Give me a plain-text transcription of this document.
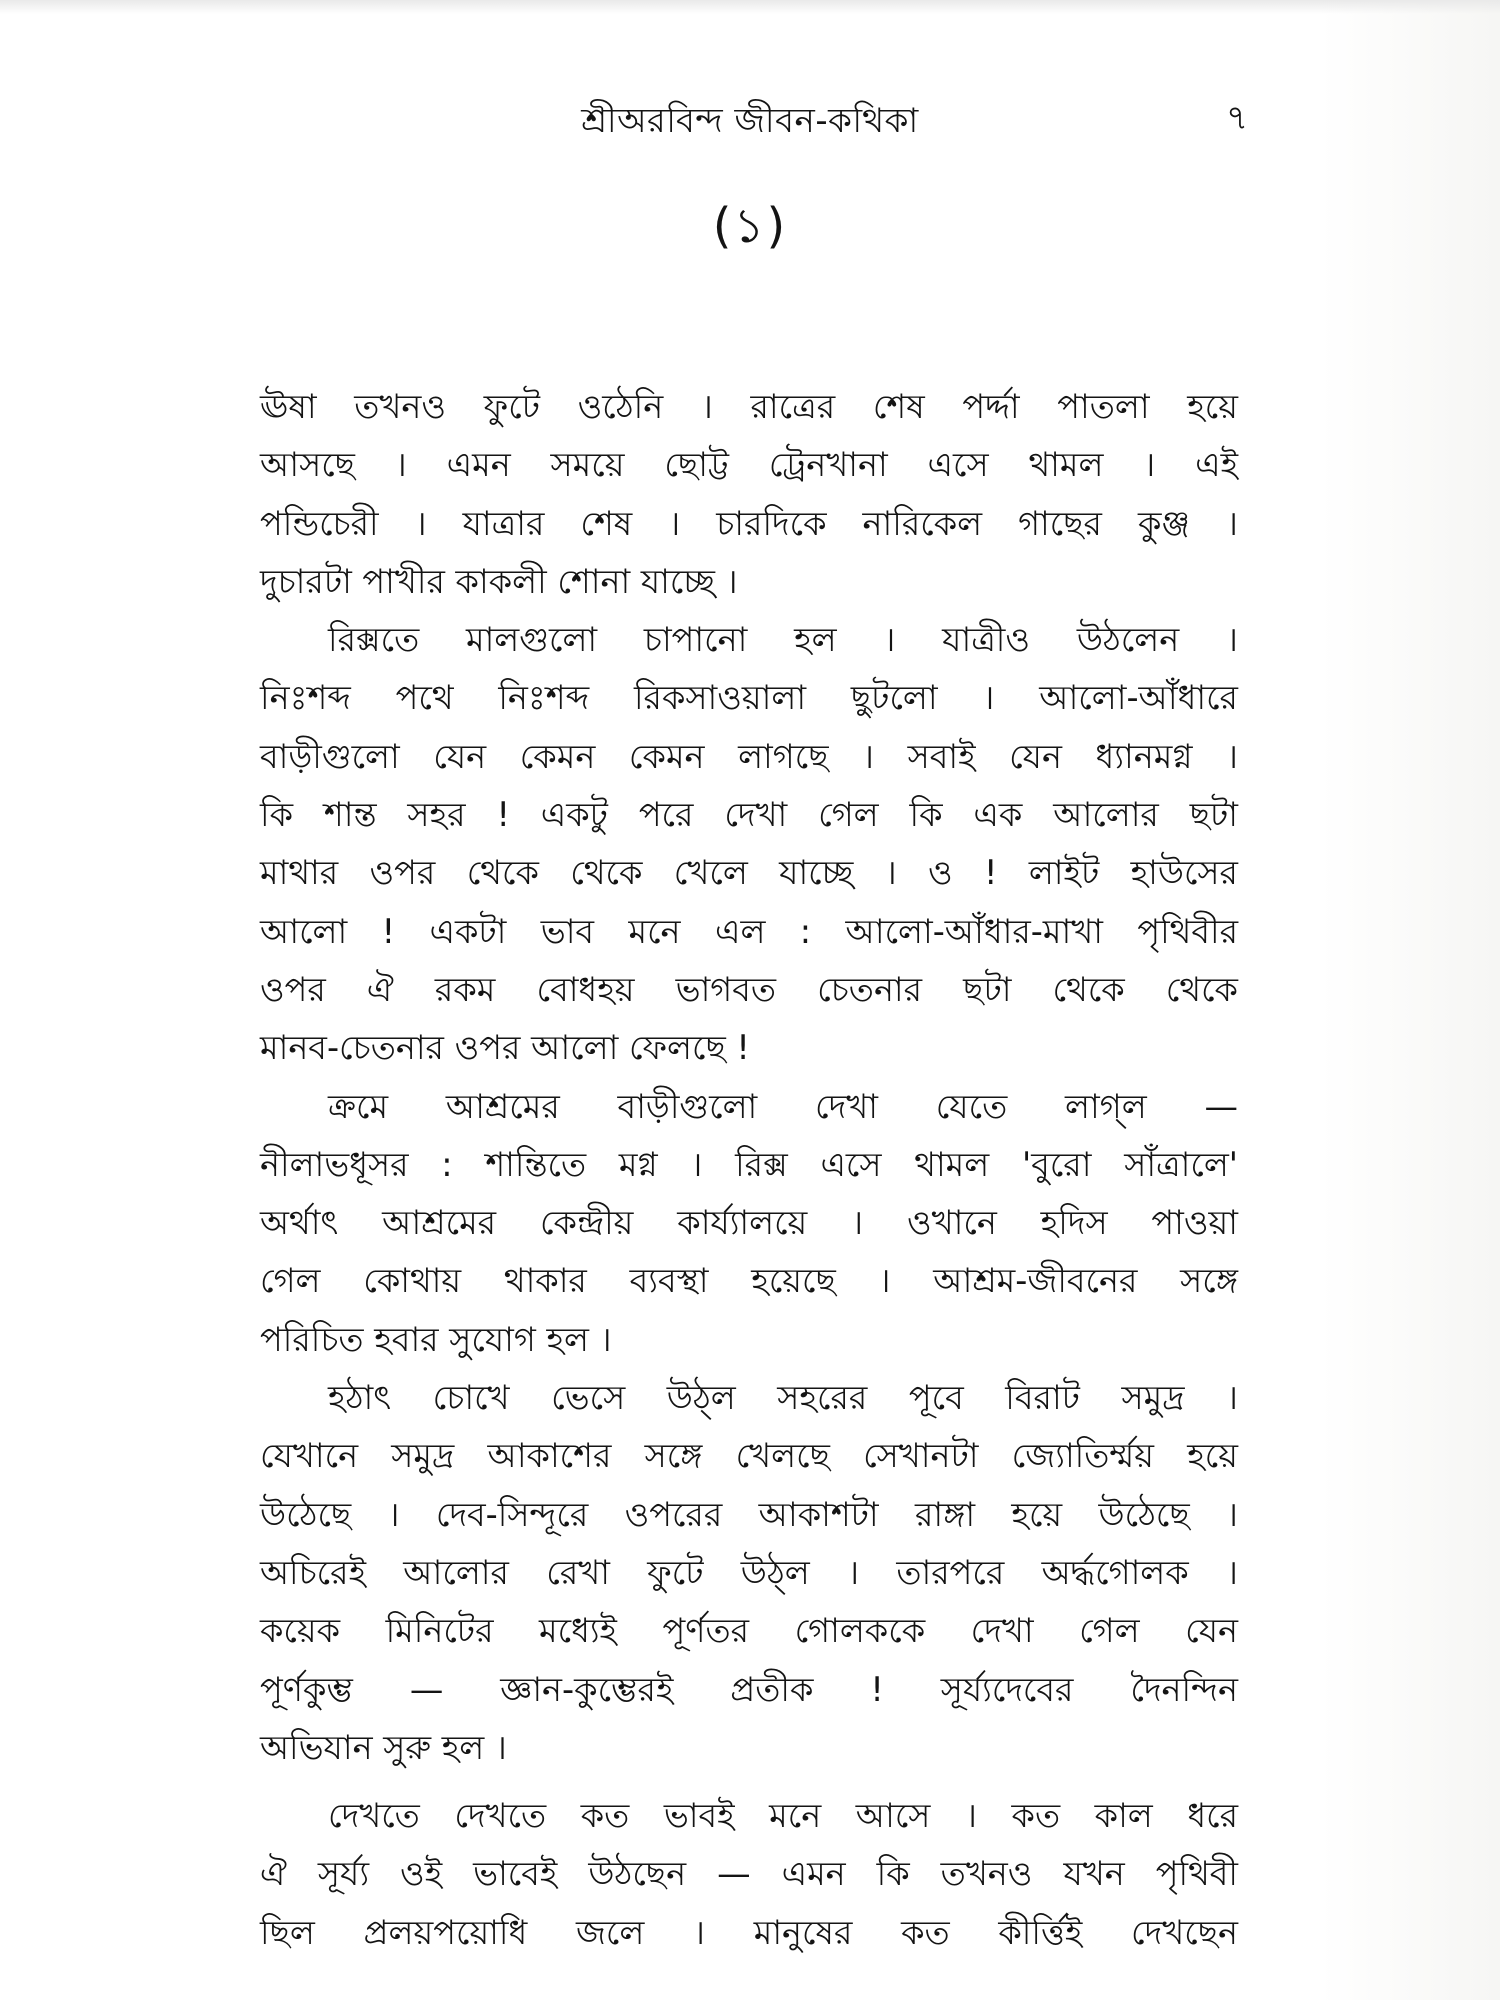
শ্রীঅরবিন্দ জীবন-কথিকা	৭
(১)
ঊষা তখনও ফুটে ওঠেনি । রাত্রের শেষ পর্দ্দা পাতলা হয়ে
আসছে । এমন সময়ে ছোট্ট ট্রেনখানা এসে থামল । এই
পন্ডিচেরী । যাত্রার শেষ । চারদিকে নারিকেল গাছের কুঞ্জ ।
দুচারটা পাখীর কাকলী শোনা যাচ্ছে ।
রিক্সতে মালগুলো চাপানো হল । যাত্রীও উঠলেন ।
নিঃশব্দ পথে নিঃশব্দ রিকসাওয়ালা ছুটলো । আলো-আঁধারে
বাড়ীগুলো যেন কেমন কেমন লাগছে । সবাই যেন ধ্যানমগ্ন ।
কি শান্ত সহর ! একটু পরে দেখা গেল কি এক আলোর ছটা
মাথার ওপর থেকে থেকে খেলে যাচ্ছে । ও ! লাইট হাউসের
আলো ! একটা ভাব মনে এল : আলো-আঁধার-মাখা পৃথিবীর
ওপর ঐ রকম বোধহয় ভাগবত চেতনার ছটা থেকে থেকে
মানব-চেতনার ওপর আলো ফেলছে !
ক্রমে আশ্রমের বাড়ীগুলো দেখা যেতে লাগ্‌ল —
নীলাভধূসর : শান্তিতে মগ্ন । রিক্স এসে থামল 'বুরো সাঁত্রালে'
অর্থাৎ আশ্রমের কেন্দ্রীয় কার্য্যালয়ে । ওখানে হদিস পাওয়া
গেল কোথায় থাকার ব্যবস্থা হয়েছে । আশ্রম-জীবনের সঙ্গে
পরিচিত হবার সুযোগ হল ।
হঠাৎ চোখে ভেসে উঠ্‌ল সহরের পূবে বিরাট সমুদ্র ।
যেখানে সমুদ্র আকাশের সঙ্গে খেলছে সেখানটা জ্যোতির্ম্ময় হয়ে
উঠেছে । দেব-সিন্দূরে ওপরের আকাশটা রাঙ্গা হয়ে উঠেছে ।
অচিরেই আলোর রেখা ফুটে উঠ্‌ল । তারপরে অর্দ্ধগোলক ।
কয়েক মিনিটের মধ্যেই পূর্ণতর গোলককে দেখা গেল যেন
পূর্ণকুম্ভ — জ্ঞান-কুম্ভেরই প্রতীক ! সূর্য্যদেবের দৈনন্দিন
অভিযান সুরু হল ।
দেখতে দেখতে কত ভাবই মনে আসে । কত কাল ধরে
ঐ সূর্য্য ওই ভাবেই উঠছেন — এমন কি তখনও যখন পৃথিবী
ছিল প্রলয়পয়োধি জলে । মানুষের কত কীর্ত্তিই দেখছেন
